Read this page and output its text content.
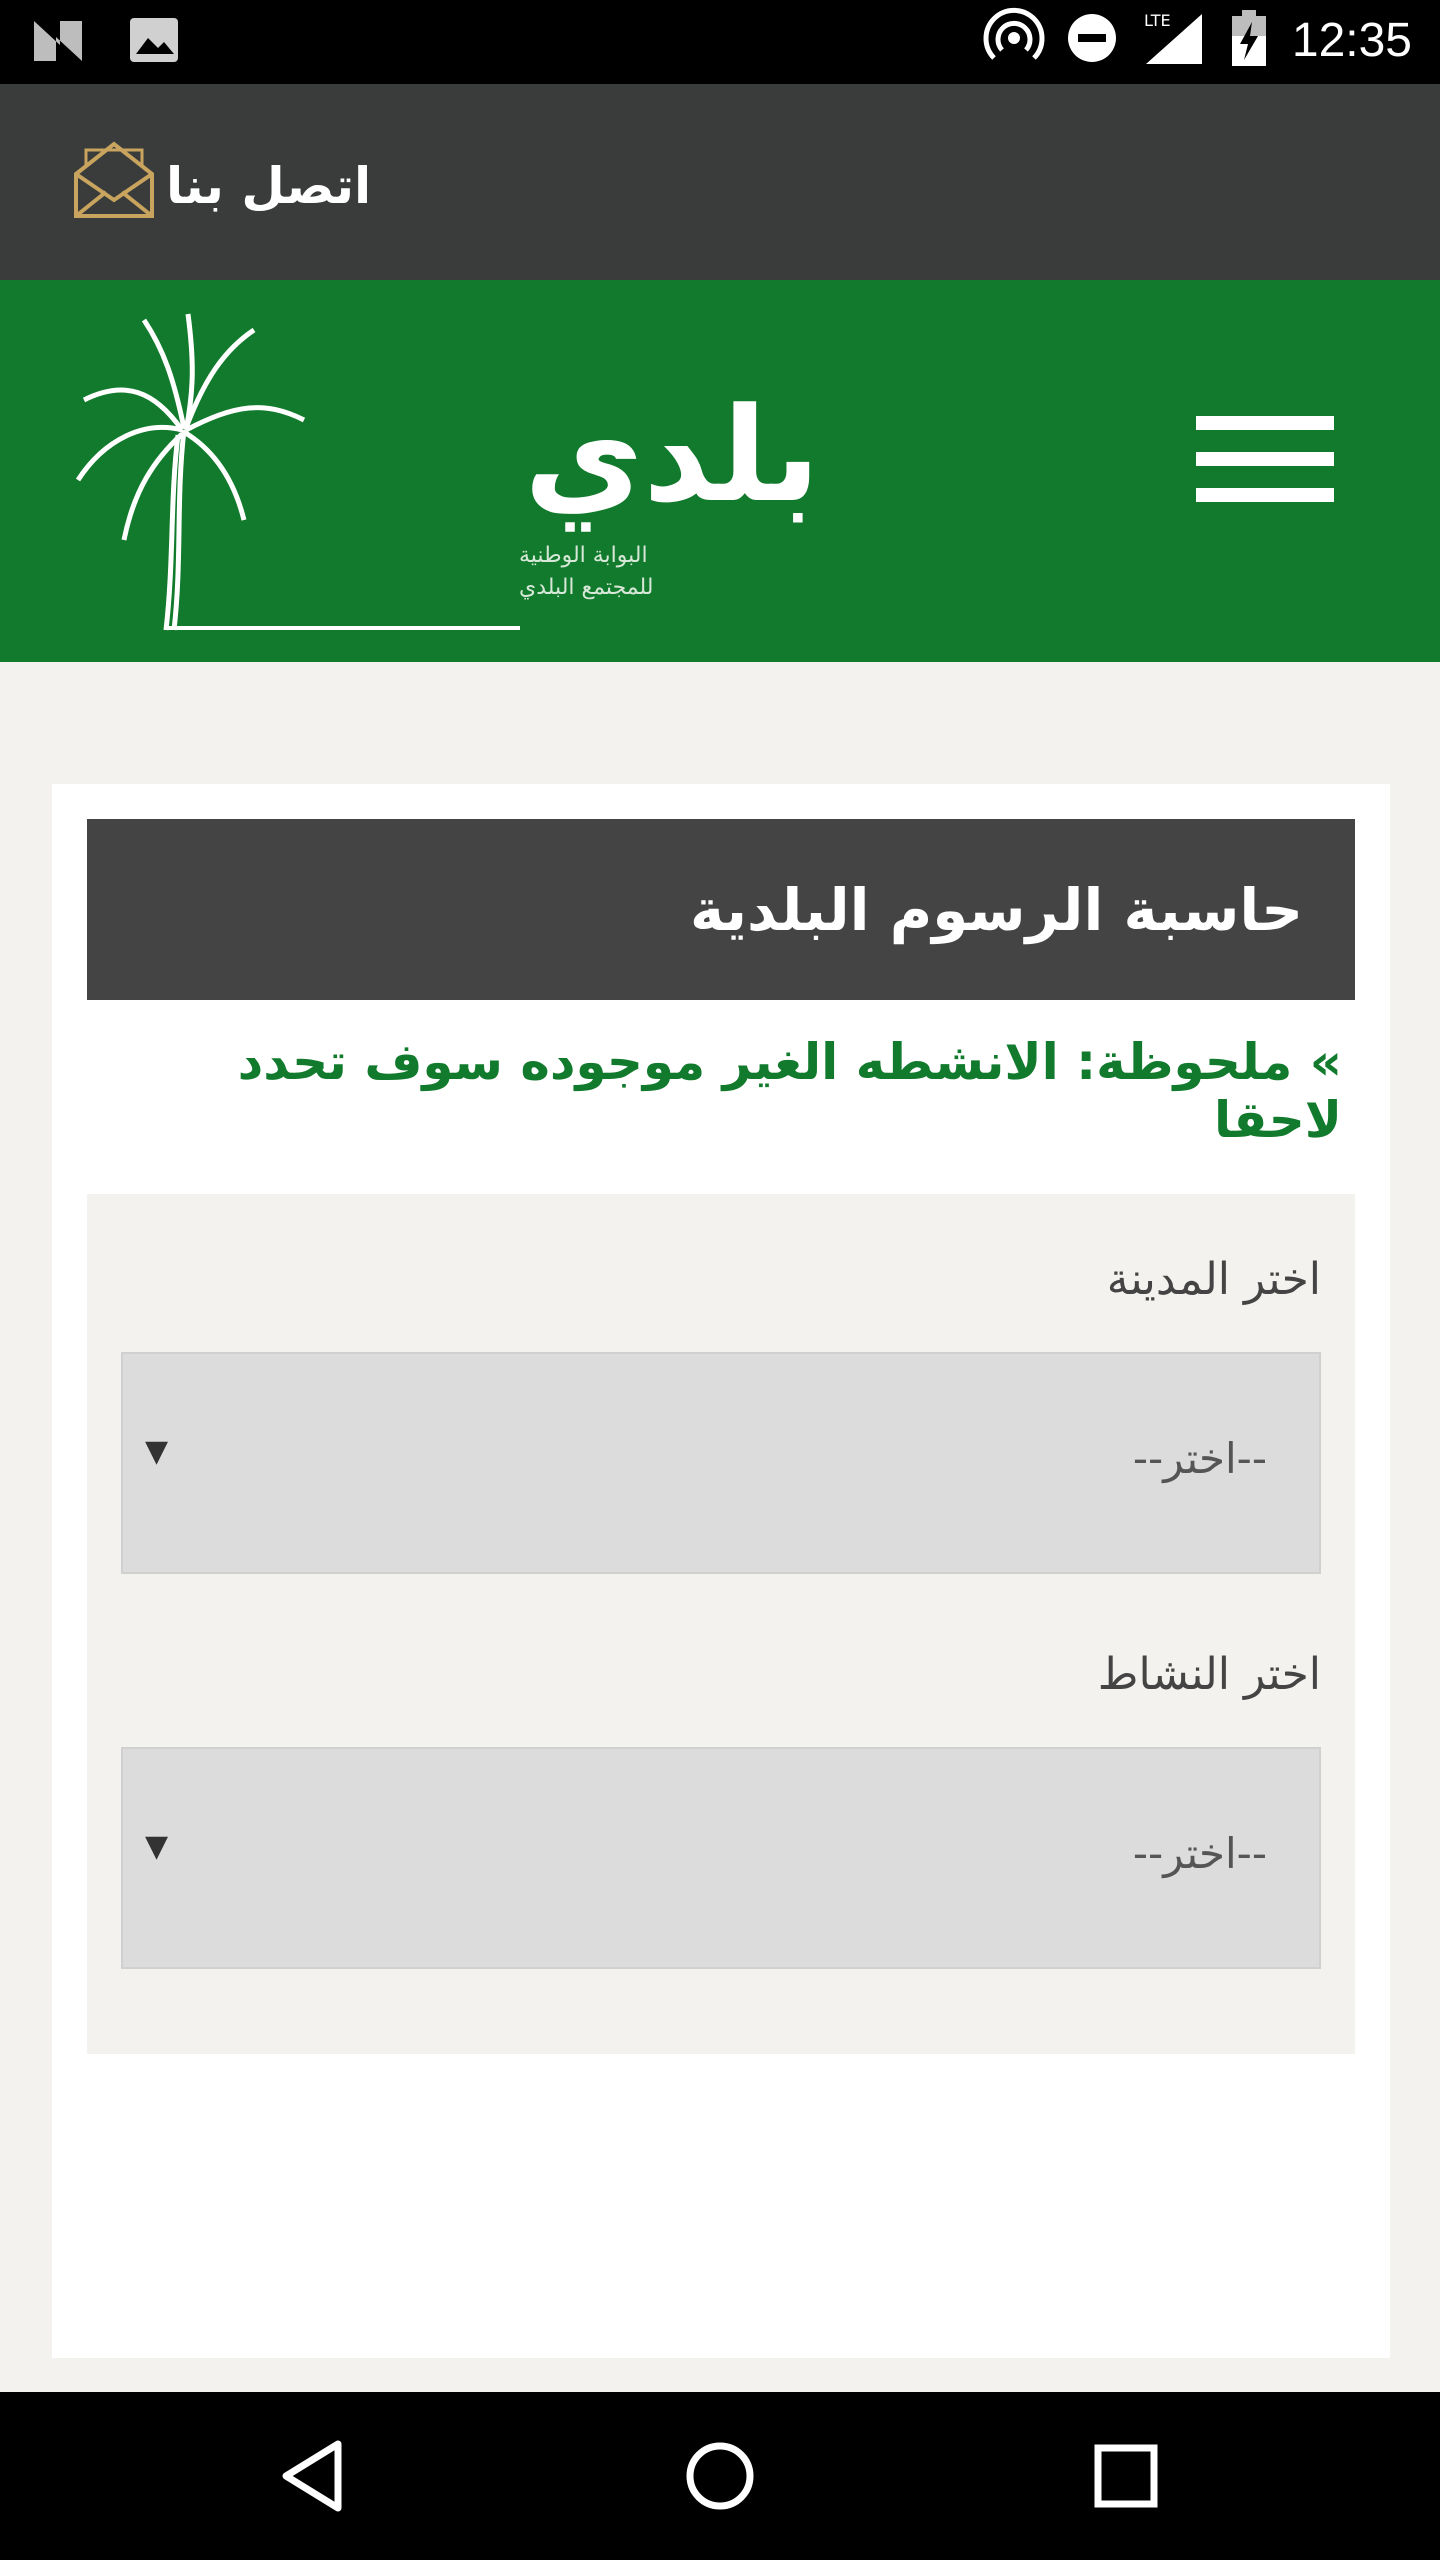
LTE	12:35
اتصل بنا
بلدي
البوابة الوطنية
للمجتمع البلدي
حاسبة الرسوم البلدية
» ملحوظة: الانشطه الغير موجوده سوف تحدد لاحقا
اختر المدينة
--اختر--
▼
اختر النشاط
--اختر--
▼
